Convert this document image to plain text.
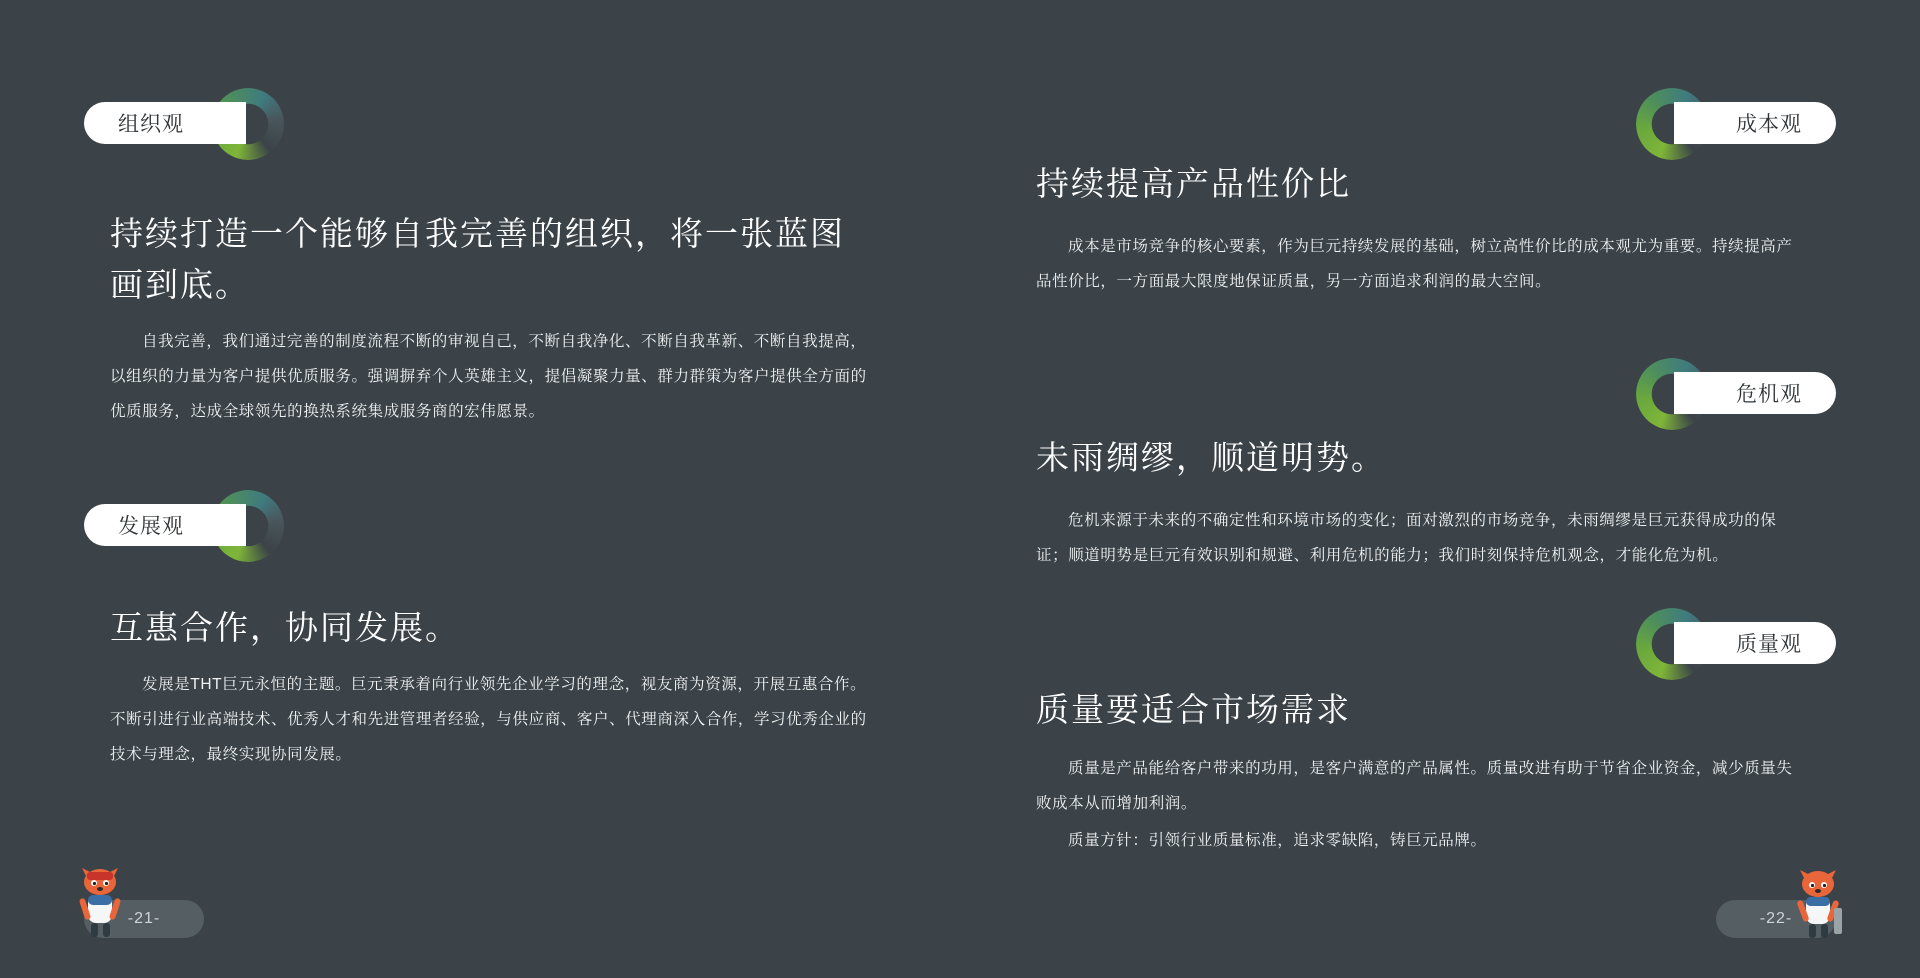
组织观
持续打造一个能够自我完善的组织，将一张蓝图画到底。

自我完善，我们通过完善的制度流程不断的审视自己，不断自我净化、不断自我革新、不断自我提高，以组织的力量为客户提供优质服务。强调摒弃个人英雄主义，提倡凝聚力量、群力群策为客户提供全方面的优质服务，达成全球领先的换热系统集成服务商的宏伟愿景。

发展观
互惠合作，协同发展。

发展是THT巨元永恒的主题。巨元秉承着向行业领先企业学习的理念，视友商为资源，开展互惠合作。不断引进行业高端技术、优秀人才和先进管理者经验，与供应商、客户、代理商深入合作，学习优秀企业的技术与理念，最终实现协同发展。

-21-
成本观
持续提高产品性价比

成本是市场竞争的核心要素，作为巨元持续发展的基础，树立高性价比的成本观尤为重要。持续提高产品性价比，一方面最大限度地保证质量，另一方面追求利润的最大空间。

危机观
未雨绸缪，顺道明势。

危机来源于未来的不确定性和环境市场的变化；面对激烈的市场竞争，未雨绸缪是巨元获得成功的保证；顺道明势是巨元有效识别和规避、利用危机的能力；我们时刻保持危机观念，才能化危为机。

质量观
质量要适合市场需求

质量是产品能给客户带来的功用，是客户满意的产品属性。质量改进有助于节省企业资金，减少质量失败成本从而增加利润。

质量方针：引领行业质量标准，追求零缺陷，铸巨元品牌。

-22-
